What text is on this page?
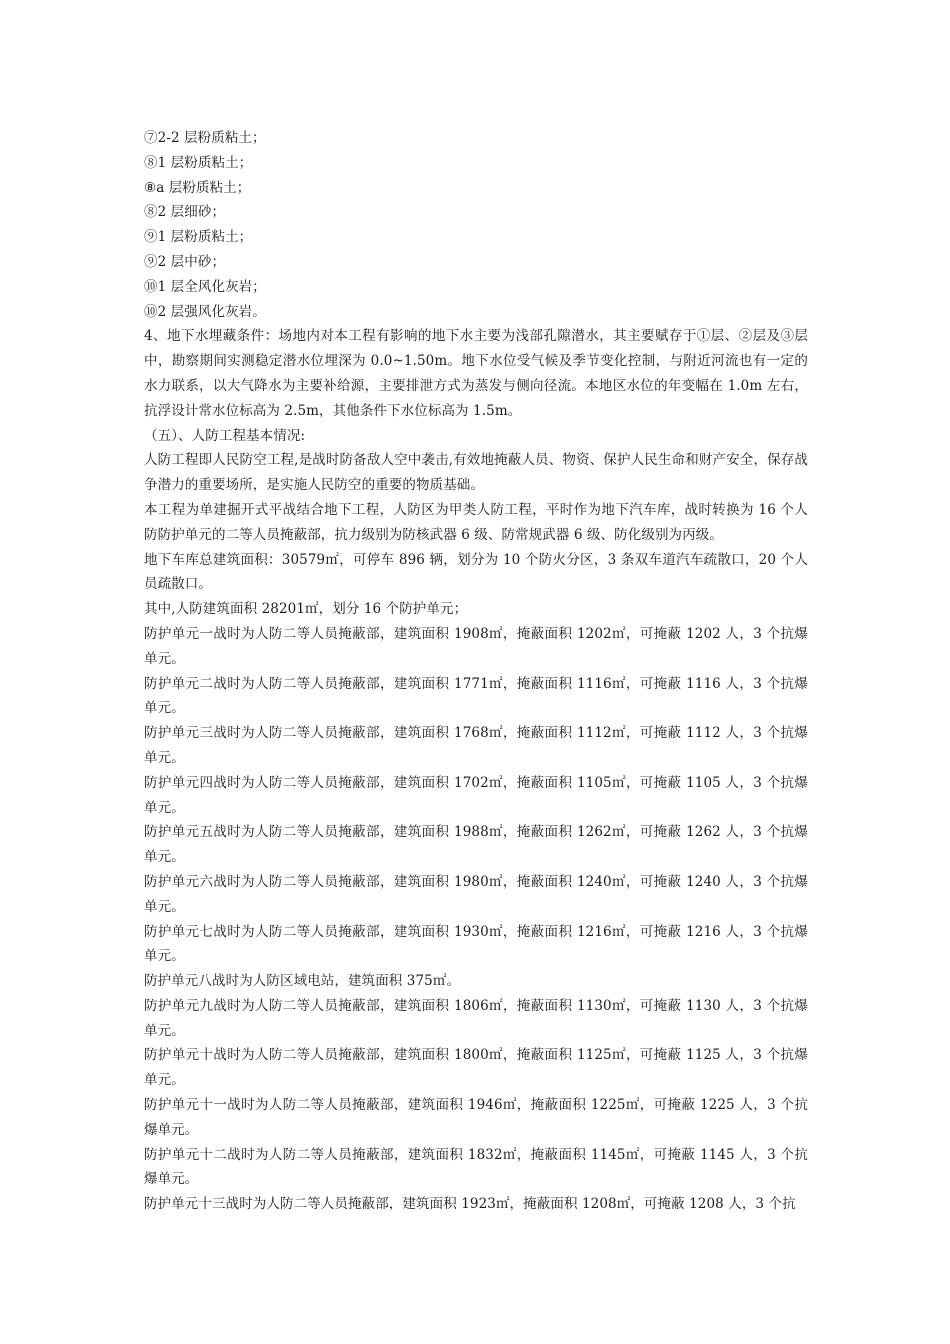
⑦2-2 层粉质粘土；

⑧1 层粉质粘土；

⑧a 层粉质粘土；

⑧2 层细砂；

⑨1 层粉质粘土；

⑨2 层中砂；

⑩1 层全风化灰岩；

⑩2 层强风化灰岩。

4、地下水埋藏条件：场地内对本工程有影响的地下水主要为浅部孔隙潜水，其主要赋存于①层、②层及③层中，勘察期间实测稳定潜水位埋深为 0.0~1.50m。地下水位受气候及季节变化控制，与附近河流也有一定的水力联系，以大气降水为主要补给源，主要排泄方式为蒸发与侧向径流。本地区水位的年变幅在 1.0m 左右，抗浮设计常水位标高为 2.5m，其他条件下水位标高为 1.5m。

（五）、人防工程基本情况:

人防工程即人民防空工程,是战时防备敌人空中袭击,有效地掩蔽人员、物资、保护人民生命和财产安全，保存战争潜力的重要场所，是实施人民防空的重要的物质基础。

本工程为单建掘开式平战结合地下工程，人防区为甲类人防工程，平时作为地下汽车库，战时转换为 16 个人防防护单元的二等人员掩蔽部，抗力级别为防核武器 6 级、防常规武器 6 级、防化级别为丙级。

地下车库总建筑面积：30579㎡，可停车 896 辆，划分为 10 个防火分区，3 条双车道汽车疏散口，20 个人员疏散口。

其中,人防建筑面积 28201㎡，划分 16 个防护单元；

防护单元一战时为人防二等人员掩蔽部，建筑面积 1908㎡，掩蔽面积 1202㎡，可掩蔽 1202 人，3 个抗爆单元。

防护单元二战时为人防二等人员掩蔽部，建筑面积 1771㎡，掩蔽面积 1116㎡，可掩蔽 1116 人，3 个抗爆单元。

防护单元三战时为人防二等人员掩蔽部，建筑面积 1768㎡，掩蔽面积 1112㎡，可掩蔽 1112 人，3 个抗爆单元。

防护单元四战时为人防二等人员掩蔽部，建筑面积 1702㎡，掩蔽面积 1105㎡，可掩蔽 1105 人，3 个抗爆单元。

防护单元五战时为人防二等人员掩蔽部，建筑面积 1988㎡，掩蔽面积 1262㎡，可掩蔽 1262 人，3 个抗爆单元。

防护单元六战时为人防二等人员掩蔽部，建筑面积 1980㎡，掩蔽面积 1240㎡，可掩蔽 1240 人，3 个抗爆单元。

防护单元七战时为人防二等人员掩蔽部，建筑面积 1930㎡，掩蔽面积 1216㎡，可掩蔽 1216 人，3 个抗爆单元。

防护单元八战时为人防区域电站，建筑面积 375㎡。

防护单元九战时为人防二等人员掩蔽部，建筑面积 1806㎡，掩蔽面积 1130㎡，可掩蔽 1130 人，3 个抗爆单元。

防护单元十战时为人防二等人员掩蔽部，建筑面积 1800㎡，掩蔽面积 1125㎡，可掩蔽 1125 人，3 个抗爆单元。

防护单元十一战时为人防二等人员掩蔽部，建筑面积 1946㎡，掩蔽面积 1225㎡，可掩蔽 1225 人，3 个抗爆单元。

防护单元十二战时为人防二等人员掩蔽部，建筑面积 1832㎡，掩蔽面积 1145㎡，可掩蔽 1145 人，3 个抗爆单元。

防护单元十三战时为人防二等人员掩蔽部，建筑面积 1923㎡，掩蔽面积 1208㎡，可掩蔽 1208 人，3 个抗
